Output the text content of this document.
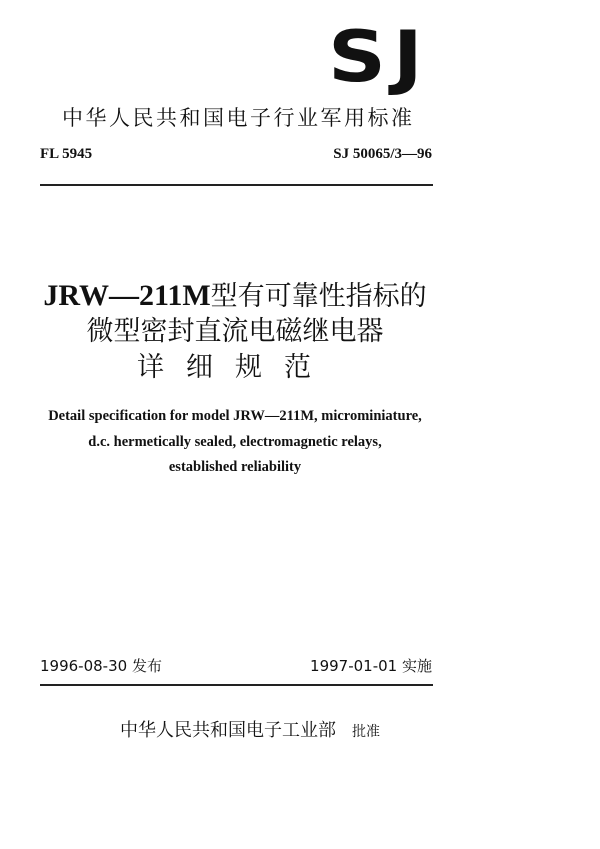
SJ
中华人民共和国电子行业军用标准
FL 5945	SJ 50065/3—96
JRW—211M型有可靠性指标的
微型密封直流电磁继电器
详细规范
Detail specification for model JRW—211M, microminiature,
d.c. hermetically sealed, electromagnetic relays,
established reliability
1996-08-30 发布	1997-01-01 实施
中华人民共和国电子工业部 批准
